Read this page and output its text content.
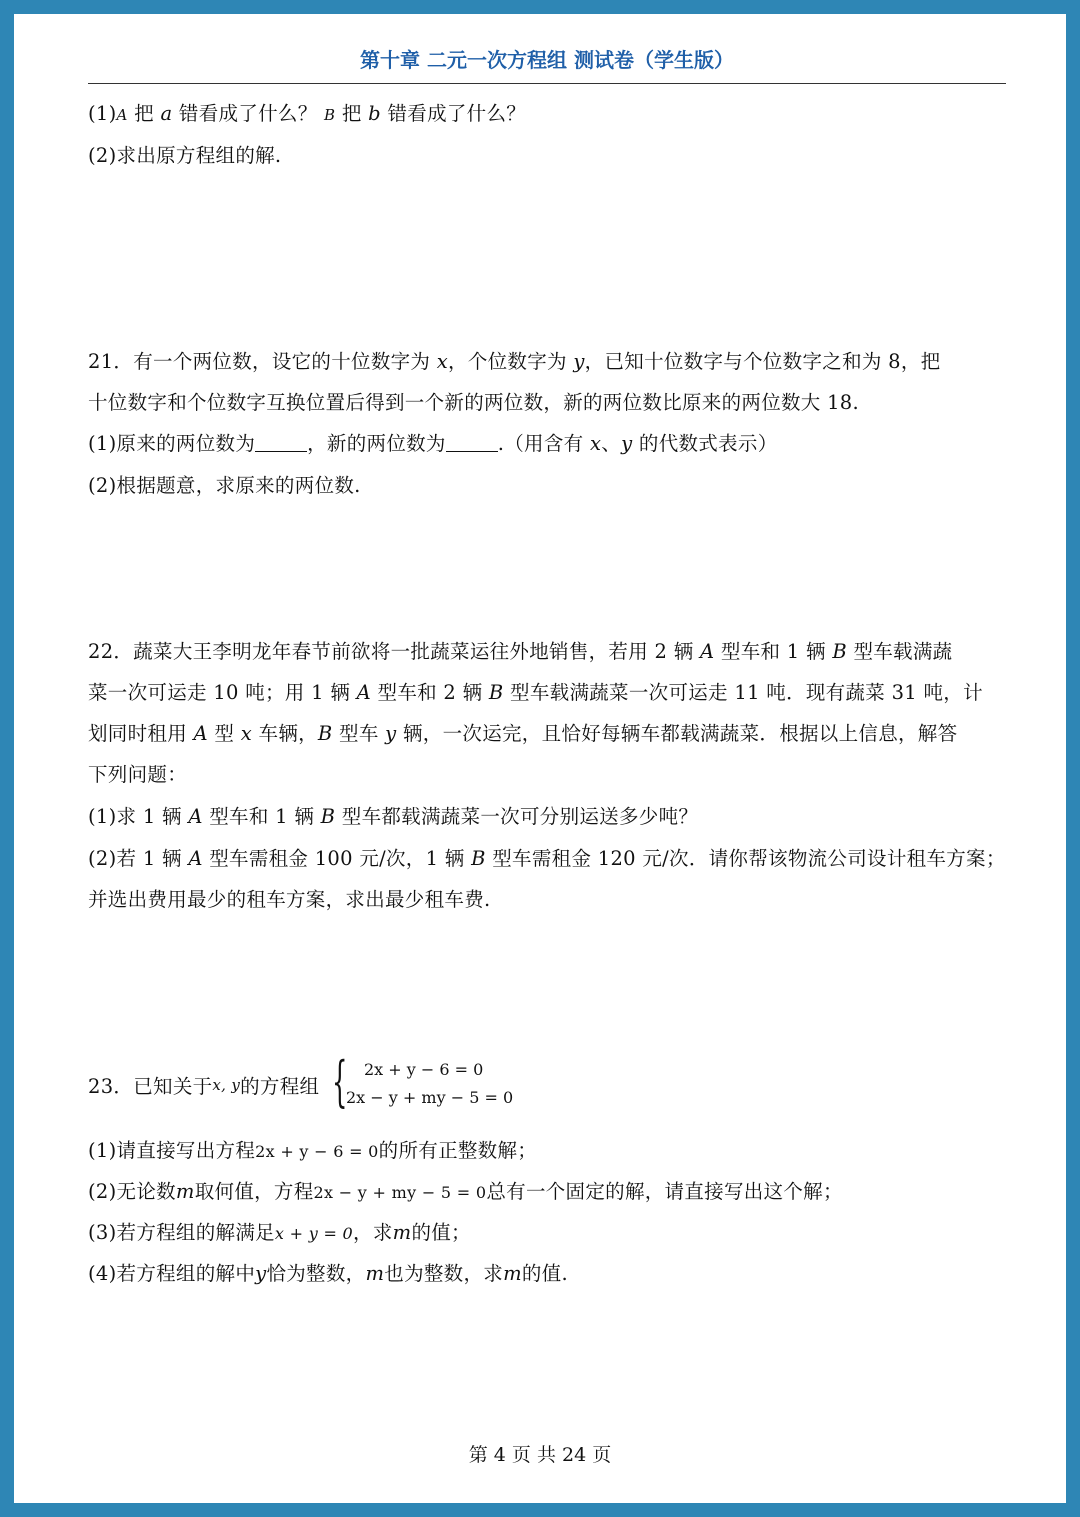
第十章 二元一次方程组 测试卷（学生版）
(1)A 把 a 错看成了什么？ B 把 b 错看成了什么？
(2)求出原方程组的解.
21．有一个两位数，设它的十位数字为 x，个位数字为 y，已知十位数字与个位数字之和为 8，把
十位数字和个位数字互换位置后得到一个新的两位数，新的两位数比原来的两位数大 18.
(1)原来的两位数为	，新的两位数为	.（用含有 x、y 的代数式表示）
(2)根据题意，求原来的两位数.
22．蔬菜大王李明龙年春节前欲将一批蔬菜运往外地销售，若用 2 辆 A 型车和 1 辆 B 型车载满蔬
菜一次可运走 10 吨；用 1 辆 A 型车和 2 辆 B 型车载满蔬菜一次可运走 11 吨．现有蔬菜 31 吨，计
划同时租用 A 型 x 车辆，B 型车 y 辆，一次运完，且恰好每辆车都载满蔬菜．根据以上信息，解答
下列问题：
(1)求 1 辆 A 型车和 1 辆 B 型车都载满蔬菜一次可分别运送多少吨？
(2)若 1 辆 A 型车需租金 100 元/次，1 辆 B 型车需租金 120 元/次．请你帮该物流公司设计租车方案；
并选出费用最少的租车方案，求出最少租车费.
23．已知关于x, y的方程组 { 2x + y − 6 = 0
2x − y + my − 5 = 0
(1)请直接写出方程2x + y − 6 = 0的所有正整数解；
(2)无论数m取何值，方程2x − y + my − 5 = 0总有一个固定的解，请直接写出这个解；
(3)若方程组的解满足x + y = 0，求m的值；
(4)若方程组的解中y恰为整数，m也为整数，求m的值.
第 4 页 共 24 页
